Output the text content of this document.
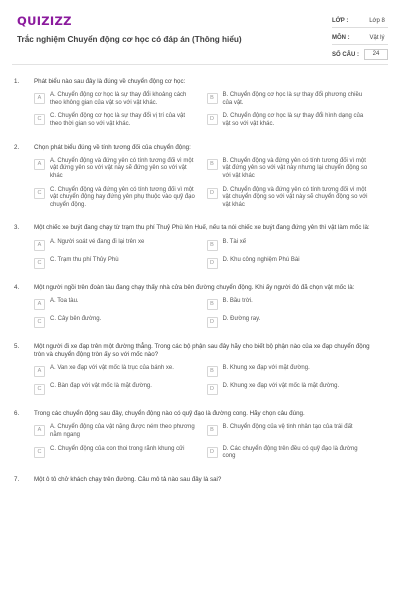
QUIZIZZ
Trắc nghiệm Chuyển động cơ học có đáp án (Thông hiểu)
LỚP :	Lớp 8
MÔN :	Vật lý
SỐ CÂU :	24
1. Phát biểu nào sau đây là đúng về chuyển động cơ học:
A	A. Chuyển động cơ học là sự thay đổi khoảng cách theo không gian của vật so với vật khác.
B	B. Chuyển động cơ học là sự thay đổi phương chiều của vật.
C	C. Chuyển động cơ học là sự thay đổi vị trí của vật theo thời gian so với vật khác.
D	D. Chuyển động cơ học là sự thay đổi hình dạng của vật so với vật khác.
2. Chọn phát biểu đúng về tính tương đối của chuyển động:
A	A. Chuyển động và đứng yên có tính tương đối vì một vật đứng yên so với vật này sẽ đứng yên so với vật khác
B	B. Chuyển động và đứng yên có tính tương đối vì một vật đứng yên so với vật này nhưng lại chuyển động so với vật khác
C	C. Chuyển động và đứng yên có tính tương đối vì một vật chuyển động hay đứng yên phụ thuộc vào quỹ đạo chuyển động.
D	D. Chuyển động và đứng yên có tính tương đối vì một vật chuyển động so với vật này sẽ chuyển động so với vật khác
3. Một chiếc xe buýt đang chạy từ trạm thu phí Thuỷ Phù lên Huế, nếu ta nói chiếc xe buýt đang đứng yên thì vật làm mốc là:
A	A. Người soát vé đang đi lại trên xe	B	B. Tài xế
C	C. Trạm thu phí Thủy Phù	D	D. Khu công nghiệm Phú Bài
4. Một người ngồi trên đoàn tàu đang chạy thấy nhà cửa bên đường chuyển động. Khi ấy người đó đã chọn vật mốc là:
A	A. Toa tàu.	B	B. Bầu trời.
C	C. Cây bên đường.	D	D. Đường ray.
5. Một người đi xe đạp trên một đường thẳng. Trong các bộ phận sau đây hãy cho biết bộ phận nào của xe đạp chuyển động tròn và chuyển động tròn ấy so với mốc nào?
A	A. Van xe đạp với vật mốc là trục của bánh xe.	B	B. Khung xe đạp với mặt đường.
C	C. Bàn đạp với vật mốc là mặt đường.	D	D. Khung xe đạp với vật mốc là mặt đường.
6. Trong các chuyển động sau đây, chuyển động nào có quỹ đạo là đường cong. Hãy chọn câu đúng.
A	A. Chuyển động của vật nặng được ném theo phương nằm ngang
B	B. Chuyển động của vệ tinh nhân tạo của trái đất
C	C. Chuyển động của con thoi trong rãnh khung cửi	D	D. Các chuyển động trên đều có quỹ đạo là đường cong
7. Một ô tô chở khách chạy trên đường. Câu mô tả nào sau đây là sai?
